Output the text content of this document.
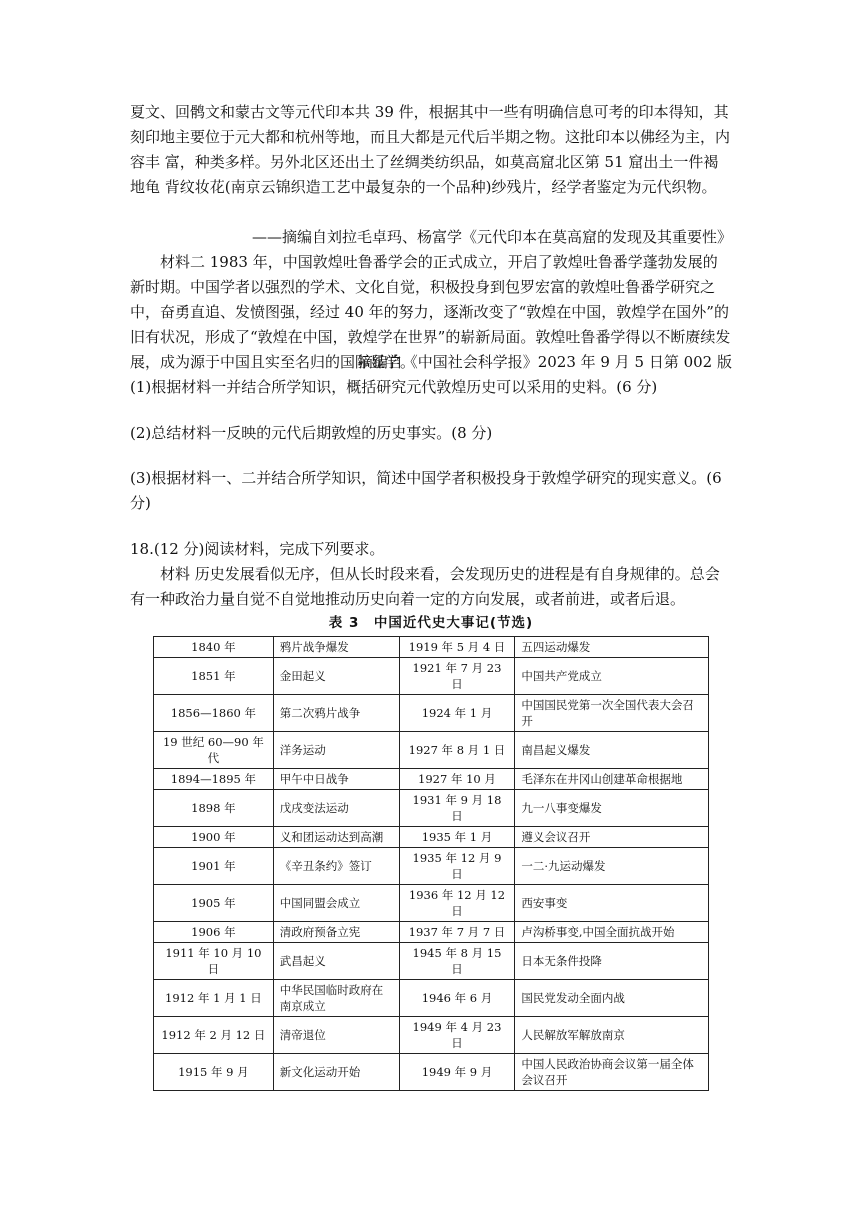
夏文、回鹘文和蒙古文等元代印本共 39 件，根据其中一些有明确信息可考的印本得知，其刻印地主要位于元大都和杭州等地，而且大都是元代后半期之物。这批印本以佛经为主，内容丰 富，种类多样。另外北区还出土了丝绸类纺织品，如莫高窟北区第 51 窟出土一件褐地龟 背纹妆花(南京云锦织造工艺中最复杂的一个品种)纱残片，经学者鉴定为元代织物。

——摘编自刘拉毛卓玛、杨富学《元代印本在莫高窟的发现及其重要性》

材料二 1983 年，中国敦煌吐鲁番学会的正式成立，开启了敦煌吐鲁番学蓬勃发展的新时期。中国学者以强烈的学术、文化自觉，积极投身到包罗宏富的敦煌吐鲁番学研究之中，奋勇直追、发愤图强，经过 40 年的努力，逐渐改变了“敦煌在中国，敦煌学在国外”的旧有状况，形成了“敦煌在中国，敦煌学在世界”的崭新局面。敦煌吐鲁番学得以不断赓续发展，成为源于中国且实至名归的国际显学。

摘编自《中国社会科学报》2023 年 9 月 5 日第 002 版

(1)根据材料一并结合所学知识，概括研究元代敦煌历史可以采用的史料。(6 分)

(2)总结材料一反映的元代后期敦煌的历史事实。(8 分)

(3)根据材料一、二并结合所学知识，简述中国学者积极投身于敦煌学研究的现实意义。(6 分)

18.(12 分)阅读材料，完成下列要求。

材料 历史发展看似无序，但从长时段来看，会发现历史的进程是有自身规律的。总会有一种政治力量自觉不自觉地推动历史向着一定的方向发展，或者前进，或者后退。

表 3　中国近代史大事记(节选)
1840 年	鸦片战争爆发	1919 年 5 月 4 日	五四运动爆发
1851 年	金田起义	1921 年 7 月 23 日	中国共产党成立
1856—1860 年	第二次鸦片战争	1924 年 1 月	中国国民党第一次全国代表大会召开
19 世纪 60—90 年代	洋务运动	1927 年 8 月 1 日	南昌起义爆发
1894—1895 年	甲午中日战争	1927 年 10 月	毛泽东在井冈山创建革命根据地
1898 年	戊戌变法运动	1931 年 9 月 18 日	九一八事变爆发
1900 年	义和团运动达到高潮	1935 年 1 月	遵义会议召开
1901 年	《辛丑条约》签订	1935 年 12 月 9 日	一二·九运动爆发
1905 年	中国同盟会成立	1936 年 12 月 12 日	西安事变
1906 年	清政府预备立宪	1937 年 7 月 7 日	卢沟桥事变,中国全面抗战开始
1911 年 10 月 10 日	武昌起义	1945 年 8 月 15 日	日本无条件投降
1912 年 1 月 1 日	中华民国临时政府在南京成立	1946 年 6 月	国民党发动全面内战
1912 年 2 月 12 日	清帝退位	1949 年 4 月 23 日	人民解放军解放南京
1915 年 9 月	新文化运动开始	1949 年 9 月	中国人民政治协商会议第一届全体会议召开
